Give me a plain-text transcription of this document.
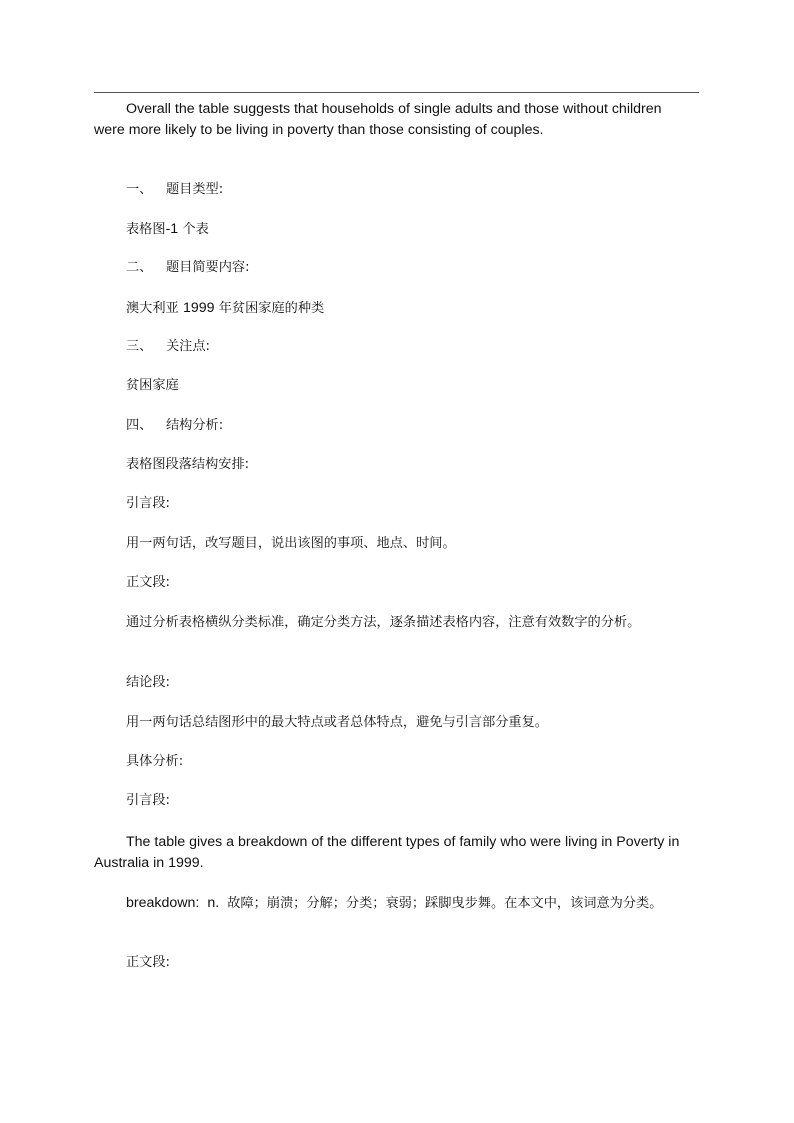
Overall the table suggests that households of single adults and those without children were more likely to be living in poverty than those consisting of couples.

一、 题目类型:
表格图-1 个表
二、 题目简要内容:
澳大利亚 1999 年贫困家庭的种类
三、 关注点:
贫困家庭
四、 结构分析:
表格图段落结构安排:
引言段:
用一两句话，改写题目，说出该图的事项、地点、时间。
正文段:

通过分析表格横纵分类标准，确定分类方法，逐条描述表格内容，注意有效数字的分析。

结论段:
用一两句话总结图形中的最大特点或者总体特点，避免与引言部分重复。
具体分析:
引言段:

The table gives a breakdown of the different types of family who were living in Poverty in Australia in 1999.

breakdown: n. 故障；崩溃；分解；分类；衰弱；踩脚曳步舞。在本文中，该词意为分类。

正文段:
